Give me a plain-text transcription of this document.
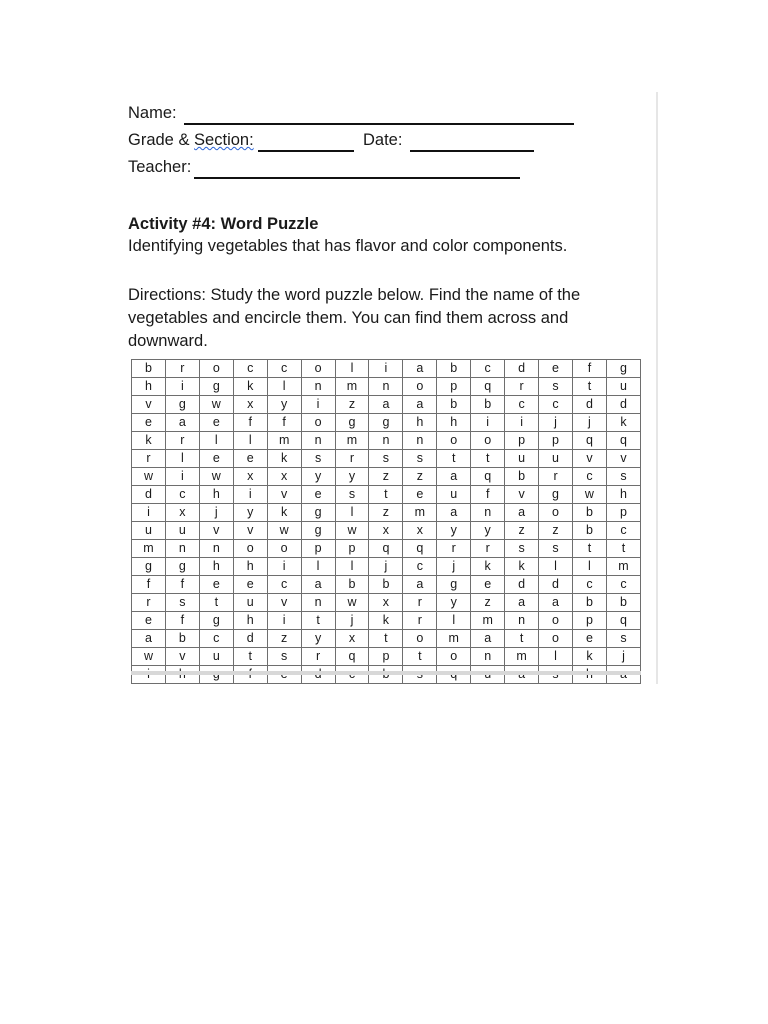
Name:
Grade & Section:	Date:
Teacher:
Activity #4: Word Puzzle
Identifying vegetables that has flavor and color components.
Directions: Study the word puzzle below. Find the name of the vegetables and encircle them. You can find them across and downward.
b	r	o	c	c	o	l	i	a	b	c	d	e	f	g
h	i	g	k	l	n	m	n	o	p	q	r	s	t	u
v	g	w	x	y	i	z	a	a	b	b	c	c	d	d
e	a	e	f	f	o	g	g	h	h	i	i	j	j	k
k	r	l	l	m	n	m	n	n	o	o	p	p	q	q
r	l	e	e	k	s	r	s	s	t	t	u	u	v	v
w	i	w	x	x	y	y	z	z	a	q	b	r	c	s
d	c	h	i	v	e	s	t	e	u	f	v	g	w	h
i	x	j	y	k	g	l	z	m	a	n	a	o	b	p
u	u	v	v	w	g	w	x	x	y	y	z	z	b	c
m	n	n	o	o	p	p	q	q	r	r	s	s	t	t
g	g	h	h	i	l	l	j	c	j	k	k	l	l	m
f	f	e	e	c	a	b	b	a	g	e	d	d	c	c
r	s	t	u	v	n	w	x	r	y	z	a	a	b	b
e	f	g	h	i	t	j	k	r	l	m	n	o	p	q
a	b	c	d	z	y	x	t	o	m	a	t	o	e	s
w	v	u	t	s	r	q	p	t	o	n	m	l	k	j
